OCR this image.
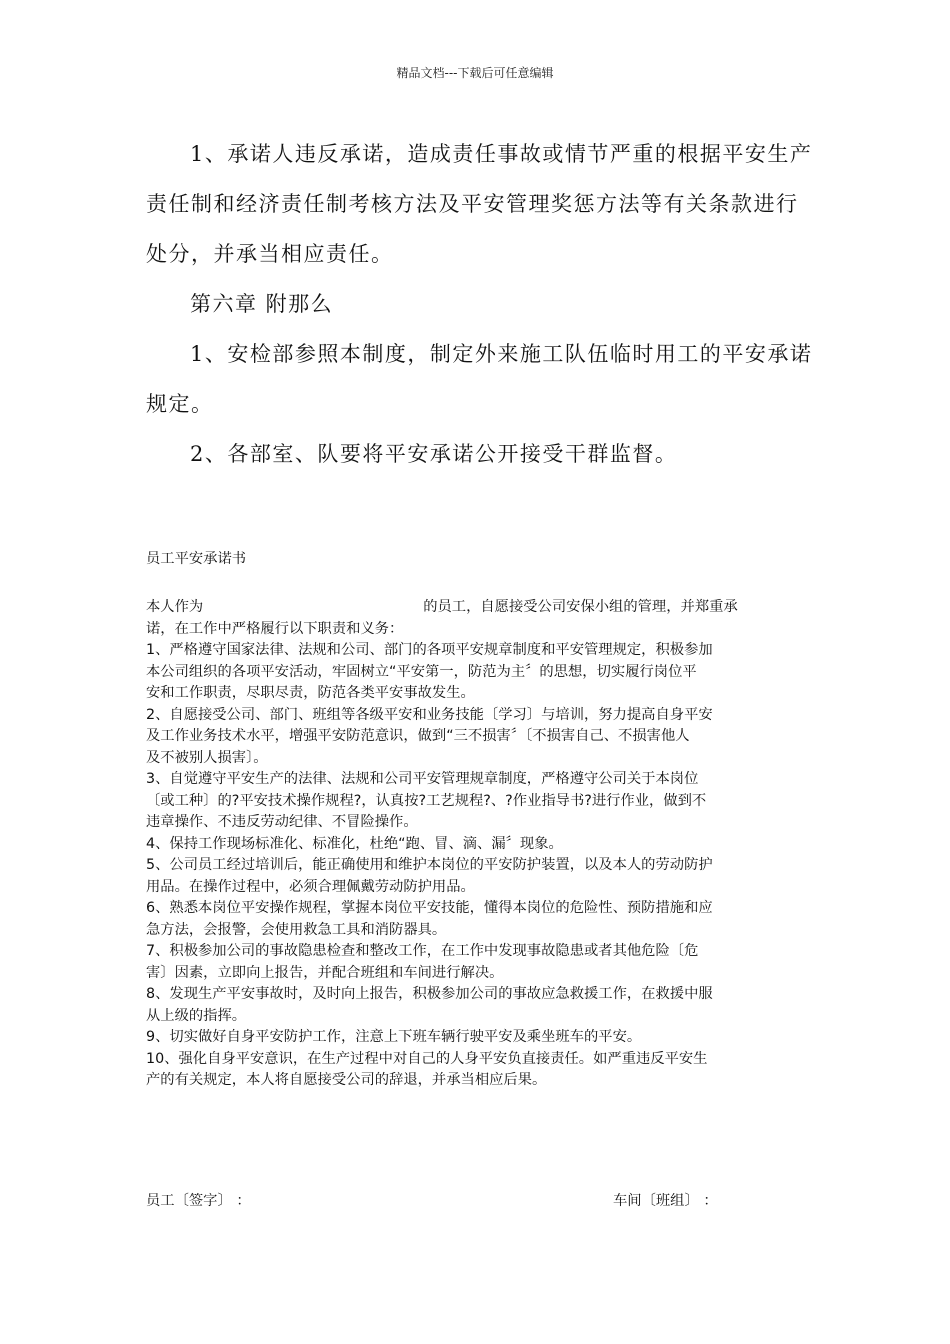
精品文档---下载后可任意编辑

1、承诺人违反承诺，造成责任事故或情节严重的根据平安生产

责任制和经济责任制考核方法及平安管理奖惩方法等有关条款进行

处分，并承当相应责任。

第六章 附那么

1、安检部参照本制度，制定外来施工队伍临时用工的平安承诺

规定。

2、各部室、队要将平安承诺公开接受干群监督。

员工平安承诺书

本人作为	的员工，自愿接受公司安保小组的管理，并郑重承

诺，在工作中严格履行以下职责和义务：

1、严格遵守国家法律、法规和公司、部门的各项平安规章制度和平安管理规定，积极参加

本公司组织的各项平安活动，牢固树立“平安第一，防范为主〞的思想，切实履行岗位平

安和工作职责，尽职尽责，防范各类平安事故发生。

2、自愿接受公司、部门、班组等各级平安和业务技能〔学习〕与培训，努力提高自身平安

及工作业务技术水平，增强平安防范意识，做到“三不损害〞〔不损害自己、不损害他人

及不被别人损害〕。

3、自觉遵守平安生产的法律、法规和公司平安管理规章制度，严格遵守公司关于本岗位

〔或工种〕的?平安技术操作规程?，认真按?工艺规程?、?作业指导书?进行作业，做到不

违章操作、不违反劳动纪律、不冒险操作。

4、保持工作现场标准化、标准化，杜绝“跑、冒、滴、漏〞现象。

5、公司员工经过培训后，能正确使用和维护本岗位的平安防护装置，以及本人的劳动防护

用品。在操作过程中，必须合理佩戴劳动防护用品。

6、熟悉本岗位平安操作规程，掌握本岗位平安技能，懂得本岗位的危险性、预防措施和应

急方法，会报警，会使用救急工具和消防器具。

7、积极参加公司的事故隐患检查和整改工作，在工作中发现事故隐患或者其他危险〔危

害〕因素，立即向上报告，并配合班组和车间进行解决。

8、发现生产平安事故时，及时向上报告，积极参加公司的事故应急救援工作，在救援中服

从上级的指挥。

9、切实做好自身平安防护工作，注意上下班车辆行驶平安及乘坐班车的平安。

10、强化自身平安意识，在生产过程中对自己的人身平安负直接责任。如严重违反平安生

产的有关规定，本人将自愿接受公司的辞退，并承当相应后果。

员工〔签字〕 ：	车间〔班组〕 ：
